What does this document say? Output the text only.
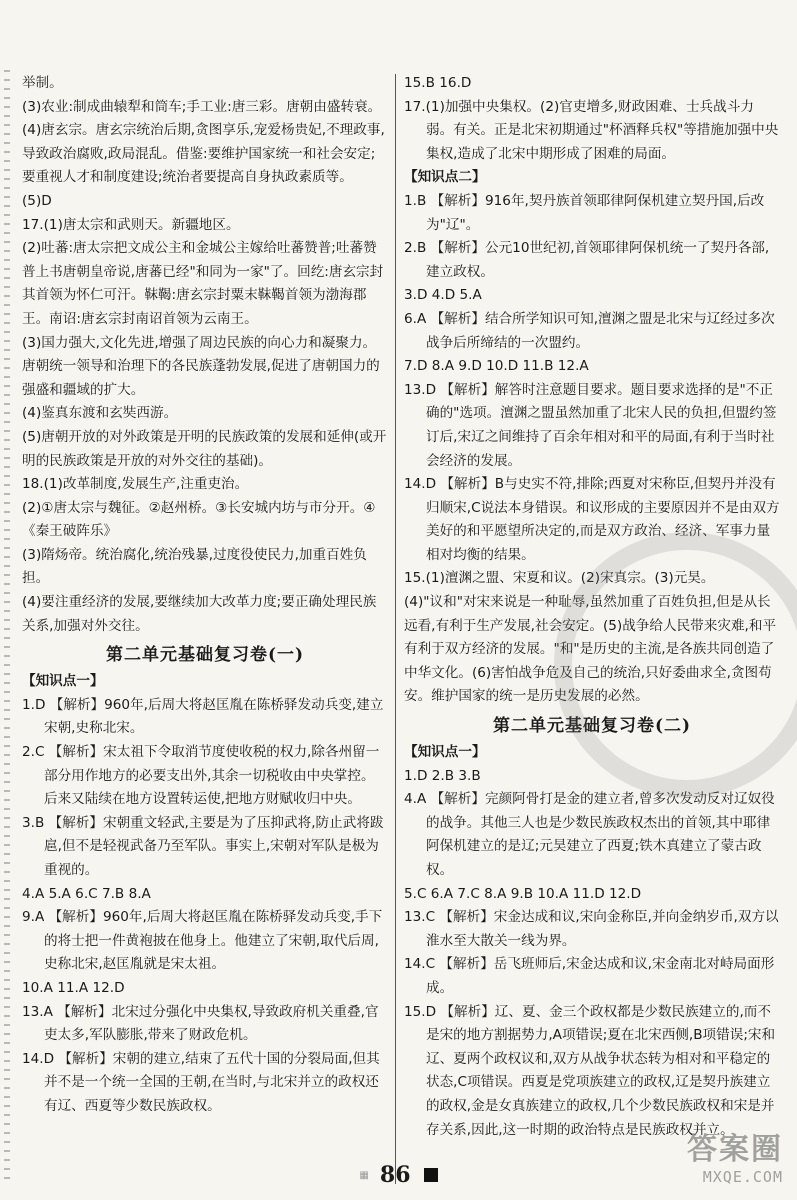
举制。

(3)农业:制成曲辕犁和筒车;手工业:唐三彩。唐朝由盛转衰。

(4)唐玄宗。唐玄宗统治后期,贪图享乐,宠爱杨贵妃,不理政事,导致政治腐败,政局混乱。借鉴:要维护国家统一和社会安定;要重视人才和制度建设;统治者要提高自身执政素质等。

(5)D

17.(1)唐太宗和武则天。新疆地区。

(2)吐蕃:唐太宗把文成公主和金城公主嫁给吐蕃赞普;吐蕃赞普上书唐朝皇帝说,唐蕃已经"和同为一家"了。回纥:唐玄宗封其首领为怀仁可汗。靺鞨:唐玄宗封粟末靺鞨首领为渤海郡王。南诏:唐玄宗封南诏首领为云南王。

(3)国力强大,文化先进,增强了周边民族的向心力和凝聚力。唐朝统一领导和治理下的各民族蓬勃发展,促进了唐朝国力的强盛和疆域的扩大。

(4)鉴真东渡和玄奘西游。

(5)唐朝开放的对外政策是开明的民族政策的发展和延伸(或开明的民族政策是开放的对外交往的基础)。

18.(1)改革制度,发展生产,注重吏治。

(2)①唐太宗与魏征。②赵州桥。③长安城内坊与市分开。④《秦王破阵乐》

(3)隋炀帝。统治腐化,统治残暴,过度役使民力,加重百姓负担。

(4)要注重经济的发展,要继续加大改革力度;要正确处理民族关系,加强对外交往。

第二单元基础复习卷(一)
【知识点一】

1.D 【解析】960年,后周大将赵匡胤在陈桥驿发动兵变,建立宋朝,史称北宋。

2.C 【解析】宋太祖下令取消节度使收税的权力,除各州留一部分用作地方的必要支出外,其余一切税收由中央掌控。后来又陆续在地方设置转运使,把地方财赋收归中央。

3.B 【解析】宋朝重文轻武,主要是为了压抑武将,防止武将跋扈,但不是轻视武备乃至军队。事实上,宋朝对军队是极为重视的。

4.A 5.A 6.C 7.B 8.A

9.A 【解析】960年,后周大将赵匡胤在陈桥驿发动兵变,手下的将士把一件黄袍披在他身上。他建立了宋朝,取代后周,史称北宋,赵匡胤就是宋太祖。

10.A 11.A 12.D

13.A 【解析】北宋过分强化中央集权,导致政府机关重叠,官吏太多,军队膨胀,带来了财政危机。

14.D 【解析】宋朝的建立,结束了五代十国的分裂局面,但其并不是一个统一全国的王朝,在当时,与北宋并立的政权还有辽、西夏等少数民族政权。

15.B 16.D

17.(1)加强中央集权。(2)官吏增多,财政困难、士兵战斗力弱。有关。正是北宋初期通过"杯酒释兵权"等措施加强中央集权,造成了北宋中期形成了困难的局面。

【知识点二】

1.B 【解析】916年,契丹族首领耶律阿保机建立契丹国,后改为"辽"。

2.B 【解析】公元10世纪初,首领耶律阿保机统一了契丹各部,建立政权。

3.D 4.D 5.A

6.A 【解析】结合所学知识可知,澶渊之盟是北宋与辽经过多次战争后所缔结的一次盟约。

7.D 8.A 9.D 10.D 11.B 12.A

13.D 【解析】解答时注意题目要求。题目要求选择的是"不正确的"选项。澶渊之盟虽然加重了北宋人民的负担,但盟约签订后,宋辽之间维持了百余年相对和平的局面,有利于当时社会经济的发展。

14.D 【解析】B与史实不符,排除;西夏对宋称臣,但契丹并没有归顺宋,C说法本身错误。和议形成的主要原因并不是由双方美好的和平愿望所决定的,而是双方政治、经济、军事力量相对均衡的结果。

15.(1)澶渊之盟、宋夏和议。(2)宋真宗。(3)元昊。

(4)"议和"对宋来说是一种耻辱,虽然加重了百姓负担,但是从长远看,有利于生产发展,社会安定。(5)战争给人民带来灾难,和平有利于双方经济的发展。"和"是历史的主流,是各族共同创造了中华文化。(6)害怕战争危及自己的统治,只好委曲求全,贪图苟安。维护国家的统一是历史发展的必然。

第二单元基础复习卷(二)
【知识点一】

1.D 2.B 3.B

4.A 【解析】完颜阿骨打是金的建立者,曾多次发动反对辽奴役的战争。其他三人也是少数民族政权杰出的首领,其中耶律阿保机建立的是辽;元昊建立了西夏;铁木真建立了蒙古政权。

5.C 6.A 7.C 8.A 9.B 10.A 11.D 12.D

13.C 【解析】宋金达成和议,宋向金称臣,并向金纳岁币,双方以淮水至大散关一线为界。

14.C 【解析】岳飞班师后,宋金达成和议,宋金南北对峙局面形成。

15.D 【解析】辽、夏、金三个政权都是少数民族建立的,而不是宋的地方割据势力,A项错误;夏在北宋西侧,B项错误;宋和辽、夏两个政权议和,双方从战争状态转为相对和平稳定的状态,C项错误。西夏是党项族建立的政权,辽是契丹族建立的政权,金是女真族建立的政权,几个少数民族政权和宋是并存关系,因此,这一时期的政治特点是民族政权并立。

▦ 86
答案圈
MXQE.COM
